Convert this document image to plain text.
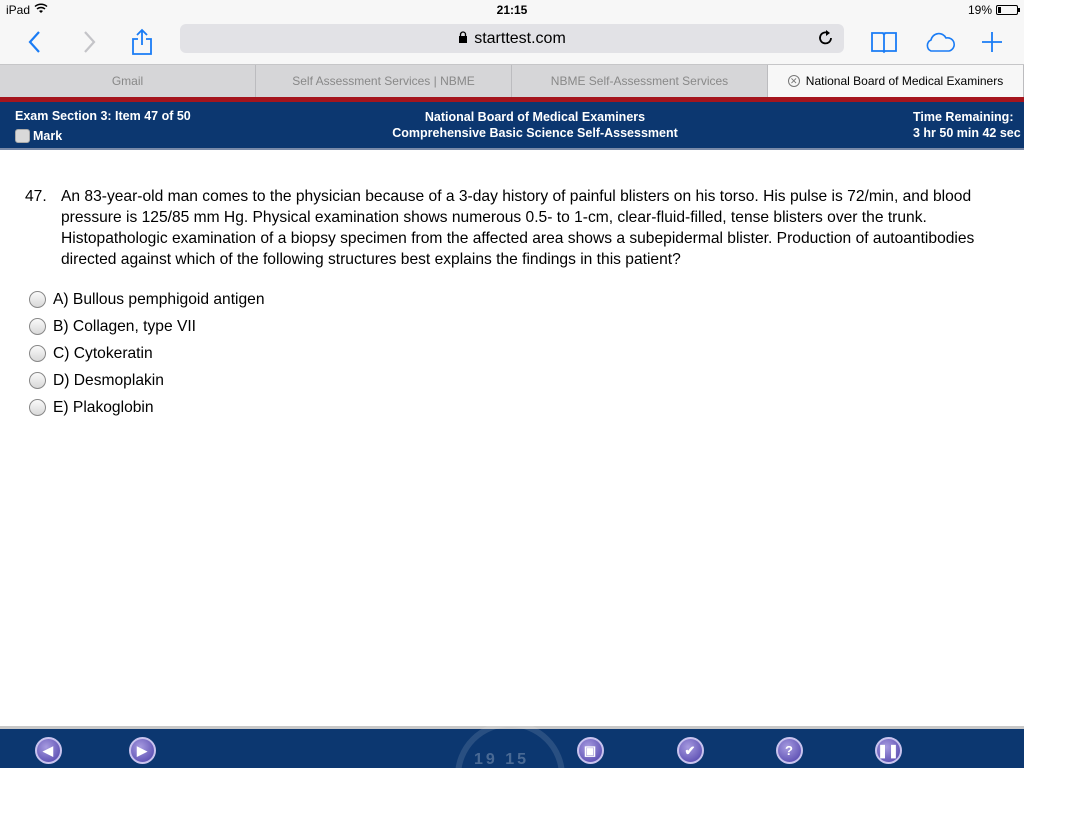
iPad	21:15	19%
starttest.com
Gmail	Self Assessment Services | NBME	NBME Self-Assessment Services	✕ National Board of Medical Examiners
Exam Section 3: Item 47 of 50
Mark
National Board of Medical Examiners
Comprehensive Basic Science Self-Assessment
Time Remaining:
3 hr 50 min 42 sec
47. An 83-year-old man comes to the physician because of a 3-day history of painful blisters on his torso. His pulse is 72/min, and blood pressure is 125/85 mm Hg. Physical examination shows numerous 0.5- to 1-cm, clear-fluid-filled, tense blisters over the trunk. Histopathologic examination of a biopsy specimen from the affected area shows a subepidermal blister. Production of autoantibodies directed against which of the following structures best explains the findings in this patient?
A) Bullous pemphigoid antigen
B) Collagen, type VII
C) Cytokeratin
D) Desmoplakin
E) Plakoglobin
19 15
◀
Previous
▶
Next
▣
Lab Values
✔
Review
?
Help
❚❚
Pause
